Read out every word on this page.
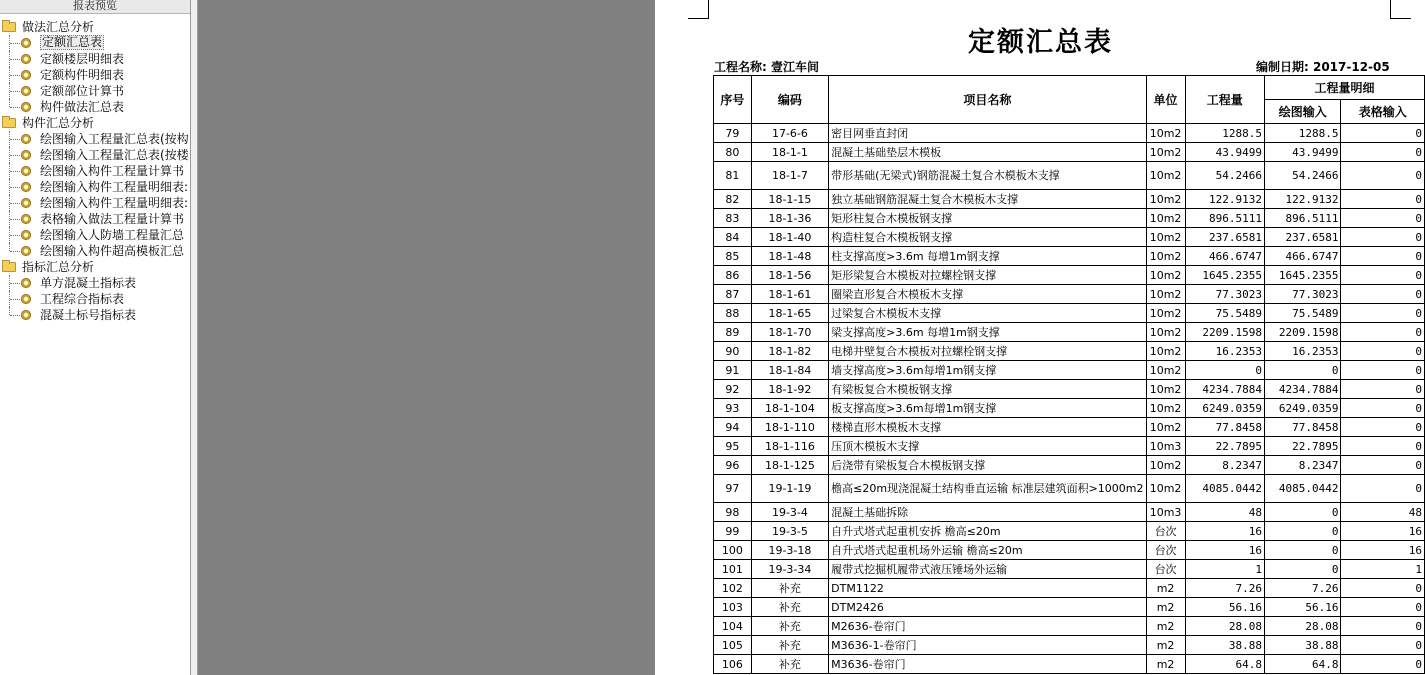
报表预览
做法汇总分析
定额汇总表
定额楼层明细表
定额构件明细表
定额部位计算书
构件做法汇总表
构件汇总分析
绘图输入工程量汇总表(按构
绘图输入工程量汇总表(按楼
绘图输入构件工程量计算书
绘图输入构件工程量明细表:
绘图输入构件工程量明细表:
表格输入做法工程量计算书
绘图输入人防墙工程量汇总
绘图输入构件超高模板汇总
指标汇总分析
单方混凝土指标表
工程综合指标表
混凝土标号指标表
定额汇总表
工程名称: 壹江车间	编制日期: 2017-12-05
序号	编码	项目名称	单位	工程量	工程量明细	
					绘图输入	表格输入
79	17-6-6	密目网垂直封闭	10m2	1288.5	1288.5	0
80	18-1-1	混凝土基础垫层木模板	10m2	43.9499	43.9499	0
81	18-1-7	带形基础(无梁式)钢筋混凝土复合木模板木支撑	10m2	54.2466	54.2466	0
82	18-1-15	独立基础钢筋混凝土复合木模板木支撑	10m2	122.9132	122.9132	0
83	18-1-36	矩形柱复合木模板钢支撑	10m2	896.5111	896.5111	0
84	18-1-40	构造柱复合木模板钢支撑	10m2	237.6581	237.6581	0
85	18-1-48	柱支撑高度>3.6m 每增1m钢支撑	10m2	466.6747	466.6747	0
86	18-1-56	矩形梁复合木模板对拉螺栓钢支撑	10m2	1645.2355	1645.2355	0
87	18-1-61	圈梁直形复合木模板木支撑	10m2	77.3023	77.3023	0
88	18-1-65	过梁复合木模板木支撑	10m2	75.5489	75.5489	0
89	18-1-70	梁支撑高度>3.6m 每增1m钢支撑	10m2	2209.1598	2209.1598	0
90	18-1-82	电梯井壁复合木模板对拉螺栓钢支撑	10m2	16.2353	16.2353	0
91	18-1-84	墙支撑高度>3.6m每增1m钢支撑	10m2	0	0	0
92	18-1-92	有梁板复合木模板钢支撑	10m2	4234.7884	4234.7884	0
93	18-1-104	板支撑高度>3.6m每增1m钢支撑	10m2	6249.0359	6249.0359	0
94	18-1-110	楼梯直形木模板木支撑	10m2	77.8458	77.8458	0
95	18-1-116	压顶木模板木支撑	10m3	22.7895	22.7895	0
96	18-1-125	后浇带有梁板复合木模板钢支撑	10m2	8.2347	8.2347	0
97	19-1-19	檐高≤20m现浇混凝土结构垂直运输 标准层建筑面积>1000m2	10m2	4085.0442	4085.0442	0
98	19-3-4	混凝土基础拆除	10m3	48	0	48
99	19-3-5	自升式塔式起重机安拆 檐高≤20m	台次	16	0	16
100	19-3-18	自升式塔式起重机场外运输 檐高≤20m	台次	16	0	16
101	19-3-34	履带式挖掘机履带式液压锤场外运输	台次	1	0	1
102	补充	DTM1122	m2	7.26	7.26	0
103	补充	DTM2426	m2	56.16	56.16	0
104	补充	M2636-卷帘门	m2	28.08	28.08	0
105	补充	M3636-1-卷帘门	m2	38.88	38.88	0
106	补充	M3636-卷帘门	m2	64.8	64.8	0
